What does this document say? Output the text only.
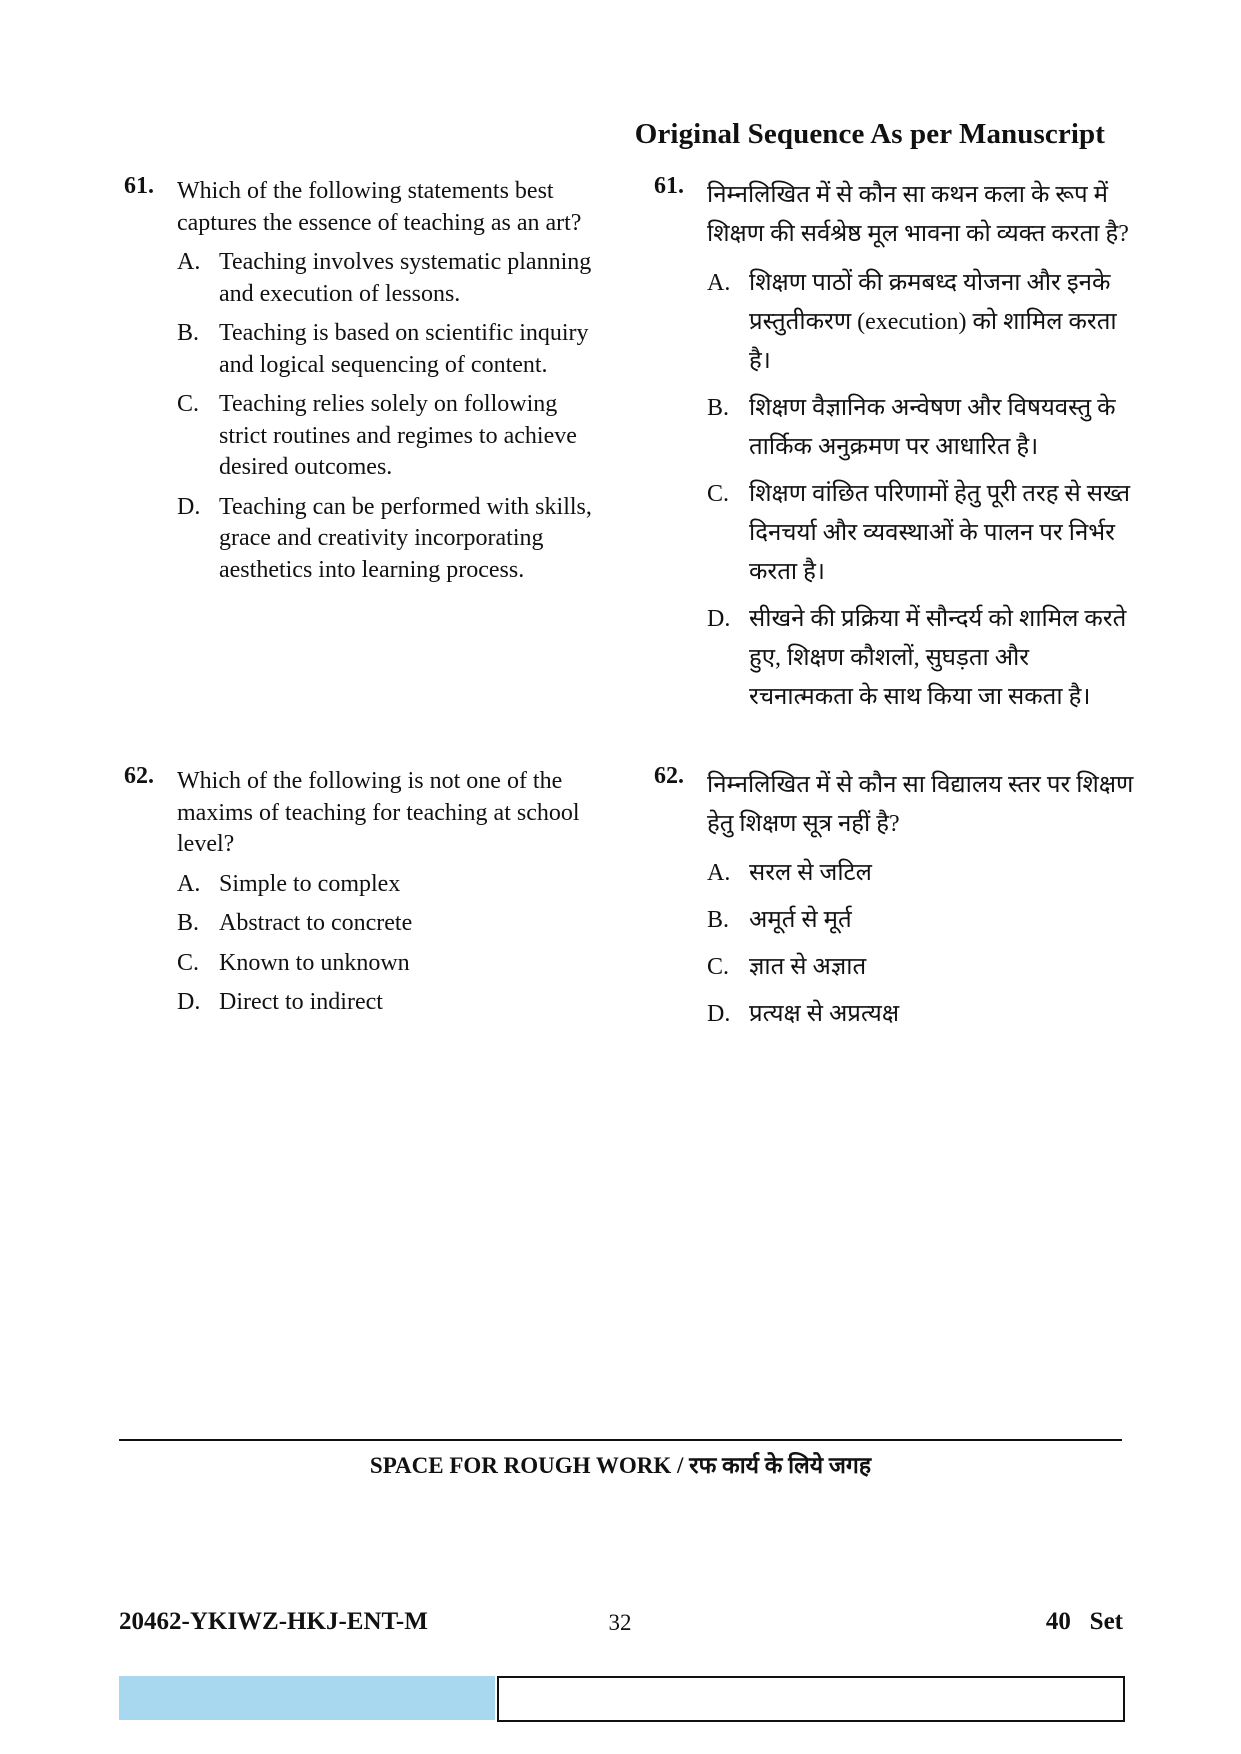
Original Sequence As per Manuscript
61. Which of the following statements best captures the essence of teaching as an art?

A. Teaching involves systematic planning and execution of lessons.
B. Teaching is based on scientific inquiry and logical sequencing of content.
C. Teaching relies solely on following strict routines and regimes to achieve desired outcomes.
D. Teaching can be performed with skills, grace and creativity incorporating aesthetics into learning process.
62. Which of the following is not one of the maxims of teaching for teaching at school level?

A. Simple to complex
B. Abstract to concrete
C. Known to unknown
D. Direct to indirect
61. निम्नलिखित में से कौन सा कथन कला के रूप में शिक्षण की सर्वश्रेष्ठ मूल भावना को व्यक्त करता है?

A. शिक्षण पाठों की क्रमबध्द योजना और इनके प्रस्तुतीकरण (execution) को शामिल करता है।
B. शिक्षण वैज्ञानिक अन्वेषण और विषयवस्तु के तार्किक अनुक्रमण पर आधारित है।
C. शिक्षण वांछित परिणामों हेतु पूरी तरह से सख्त दिनचर्या और व्यवस्थाओं के पालन पर निर्भर करता है।
D. सीखने की प्रक्रिया में सौन्दर्य को शामिल करते हुए, शिक्षण कौशलों, सुघड़ता और रचनात्मकता के साथ किया जा सकता है।
62. निम्नलिखित में से कौन सा विद्यालय स्तर पर शिक्षण हेतु शिक्षण सूत्र नहीं है?

A. सरल से जटिल
B. अमूर्त से मूर्त
C. ज्ञात से अज्ञात
D. प्रत्यक्ष से अप्रत्यक्ष
SPACE FOR ROUGH WORK / रफ कार्य के लिये जगह
20462-YKIWZ-HKJ-ENT-M	32	40   Set
